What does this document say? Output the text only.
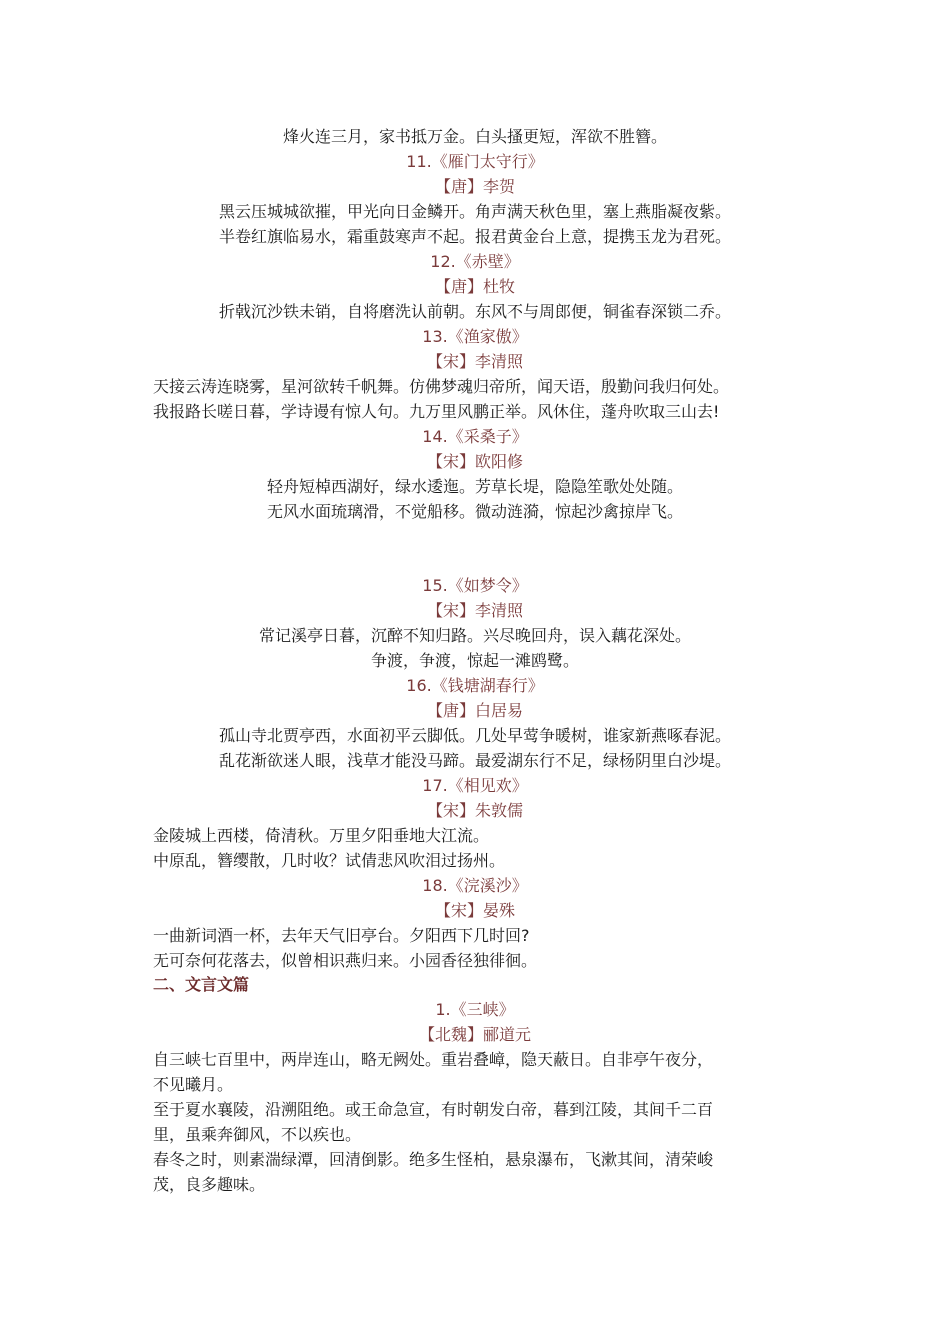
烽火连三月，家书抵万金。白头搔更短，浑欲不胜簪。
11.《雁门太守行》
【唐】李贺
黑云压城城欲摧，甲光向日金鳞开。角声满天秋色里，塞上燕脂凝夜紫。
半卷红旗临易水，霜重鼓寒声不起。报君黄金台上意，提携玉龙为君死。
12.《赤壁》
【唐】杜牧
折戟沉沙铁未销，自将磨洗认前朝。东风不与周郎便，铜雀春深锁二乔。
13.《渔家傲》
【宋】李清照
天接云涛连晓雾，星河欲转千帆舞。仿佛梦魂归帝所，闻天语，殷勤问我归何处。
我报路长嗟日暮，学诗谩有惊人句。九万里风鹏正举。风休住，蓬舟吹取三山去!
14.《采桑子》
【宋】欧阳修
轻舟短棹西湖好，绿水逶迤。芳草长堤，隐隐笙歌处处随。
无风水面琉璃滑，不觉船移。微动涟漪，惊起沙禽掠岸飞。
15.《如梦令》
【宋】李清照
常记溪亭日暮，沉醉不知归路。兴尽晚回舟，误入藕花深处。
争渡，争渡，惊起一滩鸥鹭。
16.《钱塘湖春行》
【唐】白居易
孤山寺北贾亭西，水面初平云脚低。几处早莺争暖树，谁家新燕啄春泥。
乱花渐欲迷人眼，浅草才能没马蹄。最爱湖东行不足，绿杨阴里白沙堤。
17.《相见欢》
【宋】朱敦儒
金陵城上西楼，倚清秋。万里夕阳垂地大江流。
中原乱，簪缨散，几时收？试倩悲风吹泪过扬州。
18.《浣溪沙》
【宋】晏殊
一曲新词酒一杯，去年天气旧亭台。夕阳西下几时回?
无可奈何花落去，似曾相识燕归来。小园香径独徘徊。
二、文言文篇
1.《三峡》
【北魏】郦道元
自三峡七百里中，两岸连山，略无阙处。重岩叠嶂，隐天蔽日。自非亭午夜分，
不见曦月。
至于夏水襄陵，沿溯阻绝。或王命急宣，有时朝发白帝，暮到江陵，其间千二百
里，虽乘奔御风，不以疾也。
春冬之时，则素湍绿潭，回清倒影。绝多生怪柏，悬泉瀑布，飞漱其间，清荣峻
茂，良多趣味。
